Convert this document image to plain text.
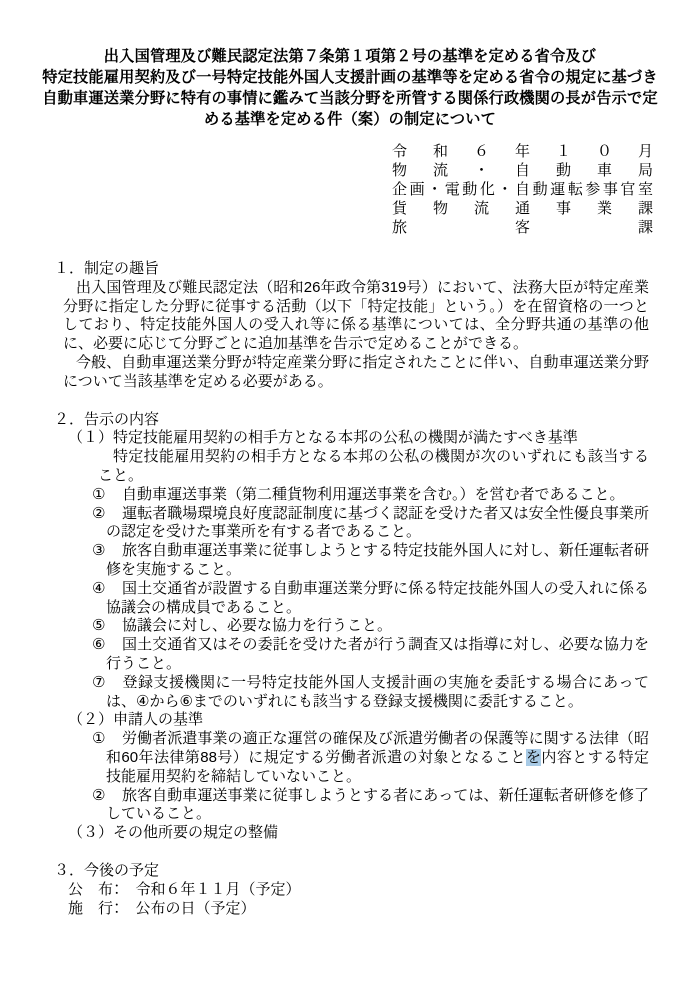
出入国管理及び難民認定法第７条第１項第２号の基準を定める省令及び
特定技能雇用契約及び一号特定技能外国人支援計画の基準等を定める省令の規定に基づき
自動車運送業分野に特有の事情に鑑みて当該分野を所管する関係行政機関の長が告示で定
める基準を定める件（案）の制定について
令和６年１０月
物流・自動車局
企画・電動化・自動運転参事官室
貨物流通事業課
旅客課
１．制定の趣旨

出入国管理及び難民認定法（昭和26年政令第319号）において、法務大臣が特定産業分野に指定した分野に従事する活動（以下「特定技能」という。）を在留資格の一つとしており、特定技能外国人の受入れ等に係る基準については、全分野共通の基準の他に、必要に応じて分野ごとに追加基準を告示で定めることができる。

今般、自動車運送業分野が特定産業分野に指定されたことに伴い、自動車運送業分野について当該基準を定める必要がある。

２．告示の内容
（１）特定技能雇用契約の相手方となる本邦の公私の機関が満たすべき基準

特定技能雇用契約の相手方となる本邦の公私の機関が次のいずれにも該当すること。

① 自動車運送事業（第二種貨物利用運送事業を含む。）を営む者であること。

② 運転者職場環境良好度認証制度に基づく認証を受けた者又は安全性優良事業所の認定を受けた事業所を有する者であること。

③ 旅客自動車運送事業に従事しようとする特定技能外国人に対し、新任運転者研修を実施すること。

④ 国土交通省が設置する自動車運送業分野に係る特定技能外国人の受入れに係る協議会の構成員であること。

⑤ 協議会に対し、必要な協力を行うこと。

⑥ 国土交通省又はその委託を受けた者が行う調査又は指導に対し、必要な協力を行うこと。

⑦ 登録支援機関に一号特定技能外国人支援計画の実施を委託する場合にあっては、④から⑥までのいずれにも該当する登録支援機関に委託すること。

（２）申請人の基準

① 労働者派遣事業の適正な運営の確保及び派遣労働者の保護等に関する法律（昭和60年法律第88号）に規定する労働者派遣の対象となることを内容とする特定技能雇用契約を締結していないこと。

② 旅客自動車運送事業に従事しようとする者にあっては、新任運転者研修を修了していること。

（３）その他所要の規定の整備
３．今後の予定
公　布：　令和６年１１月（予定）
施　行：　公布の日（予定）
